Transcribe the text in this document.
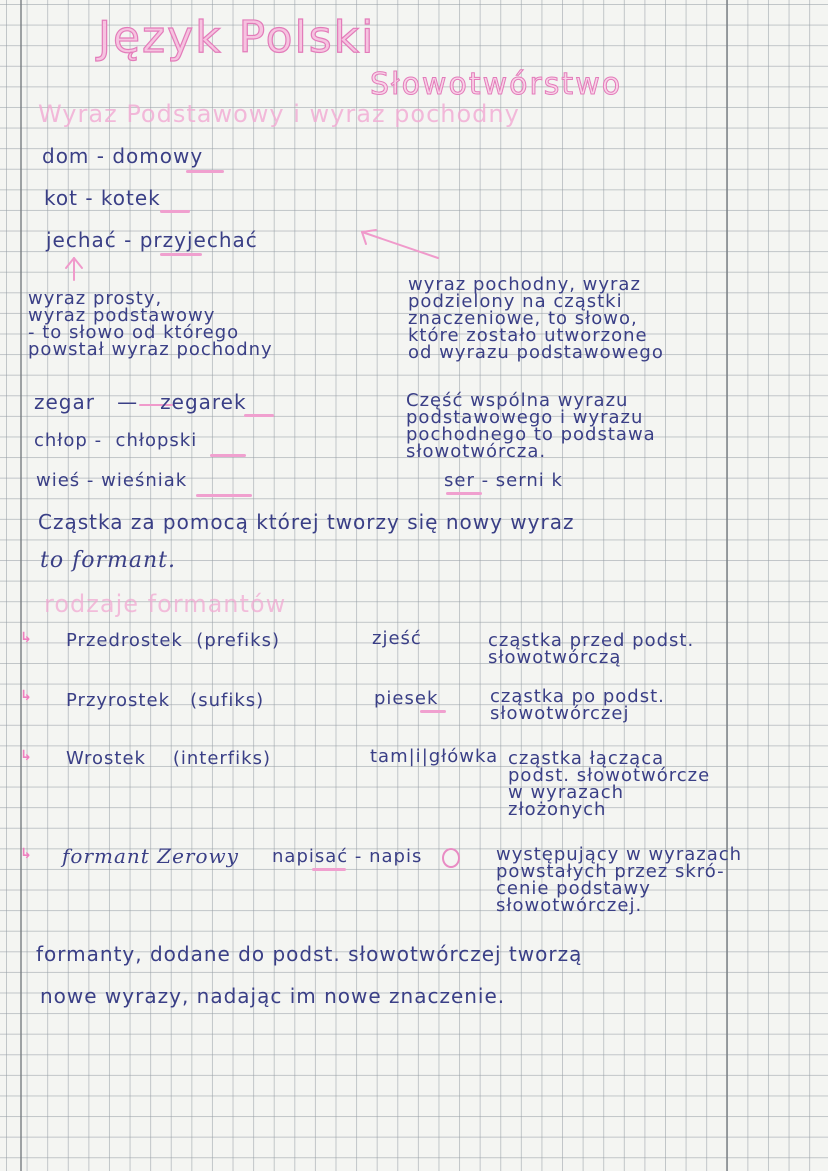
Język Polski
Słowotwórstwo
Wyraz Podstawowy i wyraz pochodny
dom - domowy
kot - kotek
jechać - przyjechać
wyraz prosty,
wyraz podstawowy
- to słowo od którego
powstał wyraz pochodny
wyraz pochodny, wyraz
podzielony na cząstki
znaczeniowe, to słowo,
które zostało utworzone
od wyrazu podstawowego
zegar — zegarek
chłop - chłopski
wieś - wieśniak
Część wspólna wyrazu
podstawowego i wyrazu
pochodnego to podstawa
słowotwórcza.
ser - serni k
Cząstka za pomocą której tworzy się nowy wyraz
to formant.
rodzaje formantów
↳ Przedrostek (prefiks)	zjeść	cząstka przed podst.
słowotwórczą
↳ Przyrostek (sufiks)	piesek	cząstka po podst.
słowotwórczej
↳ Wrostek (interfiks)	tam|i|główka cząstka łącząca
podst. słowotwórcze
w wyrazach
złożonych
↳ formant Zerowy napisać - napis	występujący w wyrazach
powstałych przez skró-
cenie podstawy
słowotwórczej.
formanty, dodane do podst. słowotwórczej tworzą
nowe wyrazy, nadając im nowe znaczenie.
